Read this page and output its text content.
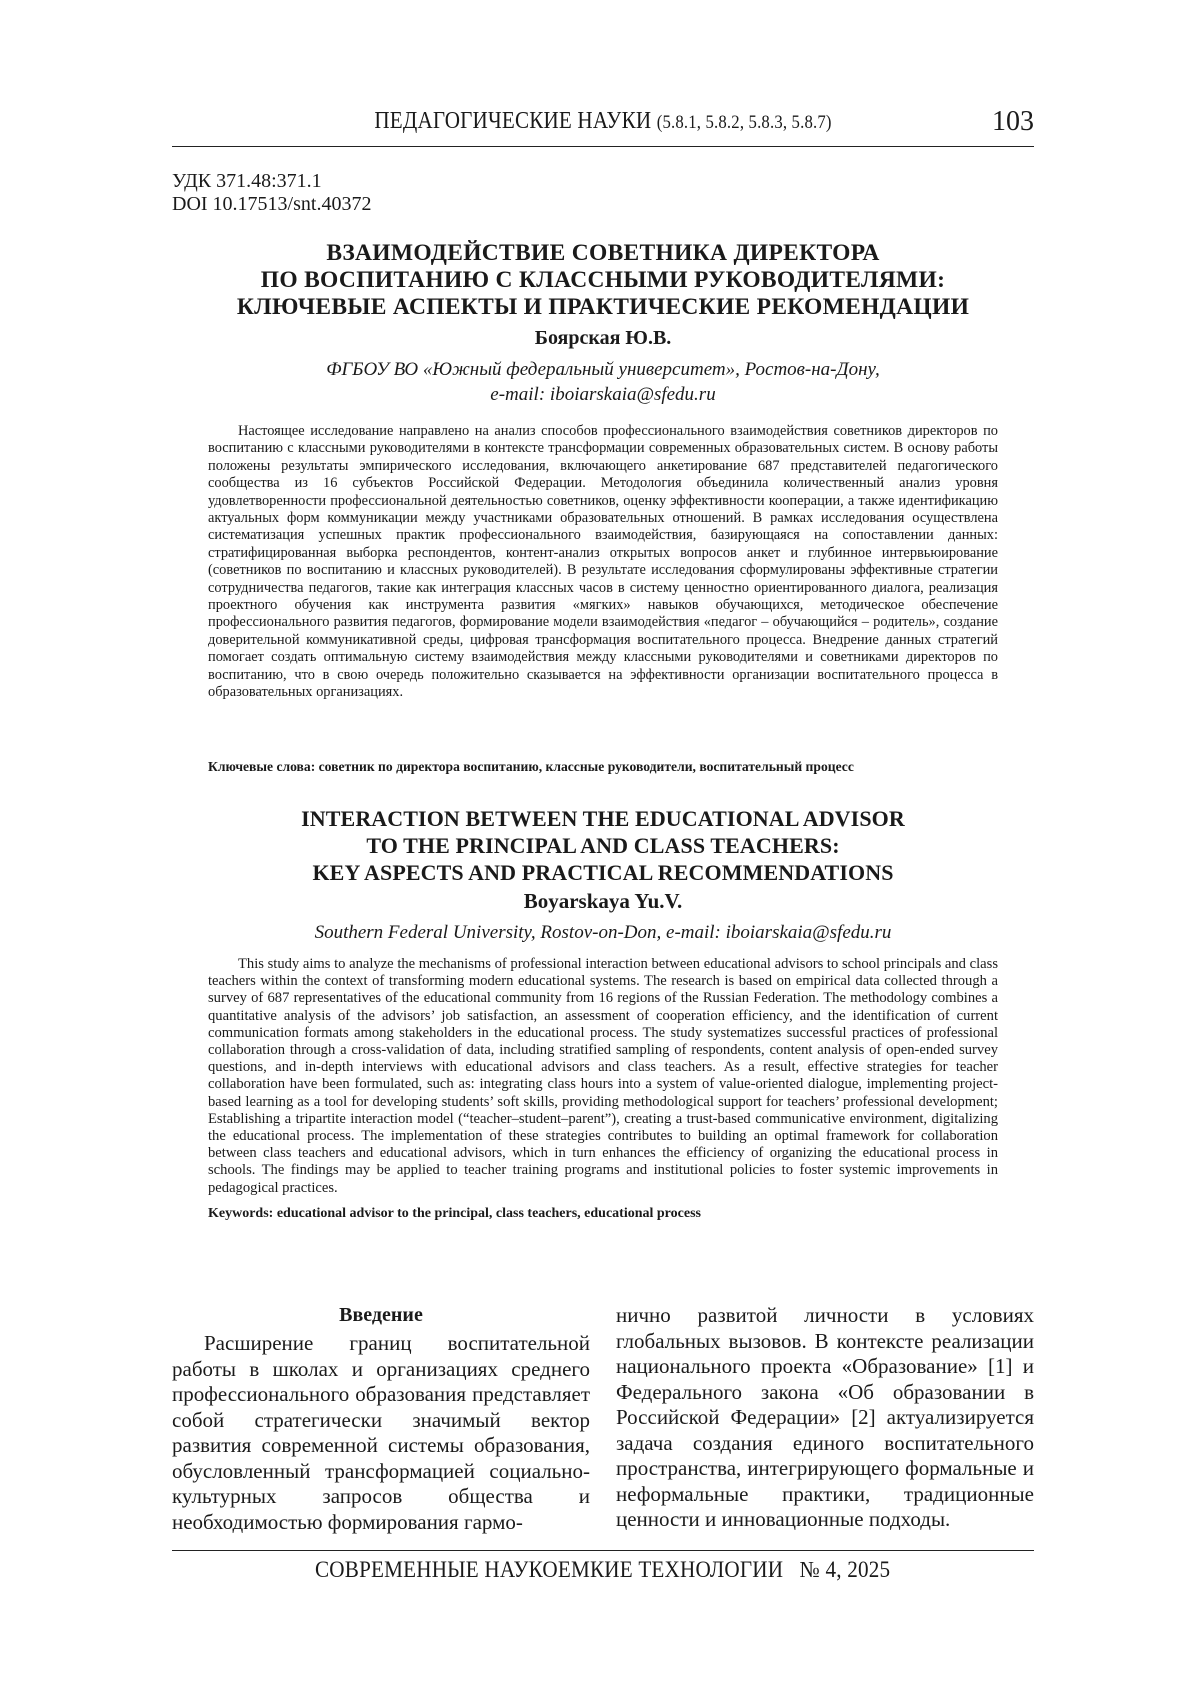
ПЕДАГОГИЧЕСКИЕ НАУКИ (5.8.1, 5.8.2, 5.8.3, 5.8.7)	103
УДК 371.48:371.1
DOI 10.17513/snt.40372
ВЗАИМОДЕЙСТВИЕ СОВЕТНИКА ДИРЕКТОРА
ПО ВОСПИТАНИЮ С КЛАССНЫМИ РУКОВОДИТЕЛЯМИ:
КЛЮЧЕВЫЕ АСПЕКТЫ И ПРАКТИЧЕСКИЕ РЕКОМЕНДАЦИИ
Боярская Ю.В.
ФГБОУ ВО «Южный федеральный университет», Ростов-на-Дону,
e-mail: iboiarskaia@sfedu.ru
Настоящее исследование направлено на анализ способов профессионального взаимодействия советников директоров по воспитанию с классными руководителями в контексте трансформации современных образовательных систем. В основу работы положены результаты эмпирического исследования, включающего анкетирование 687 представителей педагогического сообщества из 16 субъектов Российской Федерации. Методология объединила количественный анализ уровня удовлетворенности профессиональной деятельностью советников, оценку эффективности кооперации, а также идентификацию актуальных форм коммуникации между участниками образовательных отношений. В рамках исследования осуществлена систематизация успешных практик профессионального взаимодействия, базирующаяся на сопоставлении данных: стратифицированная выборка респондентов, контент-анализ открытых вопросов анкет и глубинное интервьюирование (советников по воспитанию и классных руководителей). В результате исследования сформулированы эффективные стратегии сотрудничества педагогов, такие как интеграция классных часов в систему ценностно ориентированного диалога, реализация проектного обучения как инструмента развития «мягких» навыков обучающихся, методическое обеспечение профессионального развития педагогов, формирование модели взаимодействия «педагог – обучающийся – родитель», создание доверительной коммуникативной среды, цифровая трансформация воспитательного процесса. Внедрение данных стратегий помогает создать оптимальную систему взаимодействия между классными руководителями и советниками директоров по воспитанию, что в свою очередь положительно сказывается на эффективности организации воспитательного процесса в образовательных организациях.
Ключевые слова: советник по директора воспитанию, классные руководители, воспитательный процесс
INTERACTION BETWEEN THE EDUCATIONAL ADVISOR
TO THE PRINCIPAL AND CLASS TEACHERS:
KEY ASPECTS AND PRACTICAL RECOMMENDATIONS
Boyarskaya Yu.V.
Southern Federal University, Rostov-on-Don, e-mail: iboiarskaia@sfedu.ru
This study aims to analyze the mechanisms of professional interaction between educational advisors to school principals and class teachers within the context of transforming modern educational systems. The research is based on empirical data collected through a survey of 687 representatives of the educational community from 16 regions of the Russian Federation. The methodology combines a quantitative analysis of the advisors’ job satisfaction, an assessment of cooperation efficiency, and the identification of current communication formats among stakeholders in the educational process. The study systematizes successful practices of professional collaboration through a cross-validation of data, including stratified sampling of respondents, content analysis of open-ended survey questions, and in-depth interviews with educational advisors and class teachers. As a result, effective strategies for teacher collaboration have been formulated, such as: integrating class hours into a system of value-oriented dialogue, implementing project-based learning as a tool for developing students’ soft skills, providing methodological support for teachers’ professional development; Establishing a tripartite interaction model (“teacher–student–parent”), creating a trust-based communicative environment, digitalizing the educational process. The implementation of these strategies contributes to building an optimal framework for collaboration between class teachers and educational advisors, which in turn enhances the efficiency of organizing the educational process in schools. The findings may be applied to teacher training programs and institutional policies to foster systemic improvements in pedagogical practices.
Keywords: educational advisor to the principal, class teachers, educational process
Введение

Расширение границ воспитательной работы в школах и организациях среднего профессионального образования представляет собой стратегически значимый вектор развития современной системы образования, обусловленный трансформацией социально-культурных запросов общества и необходимостью формирования гармо-

нично развитой личности в условиях глобальных вызовов. В контексте реализации национального проекта «Образование» [1] и Федерального закона «Об образовании в Российской Федерации» [2] актуализируется задача создания единого воспитательного пространства, интегрирующего формальные и неформальные практики, традиционные ценности и инновационные подходы.

СОВРЕМЕННЫЕ НАУКОЕМКИЕ ТЕХНОЛОГИИ   № 4, 2025
